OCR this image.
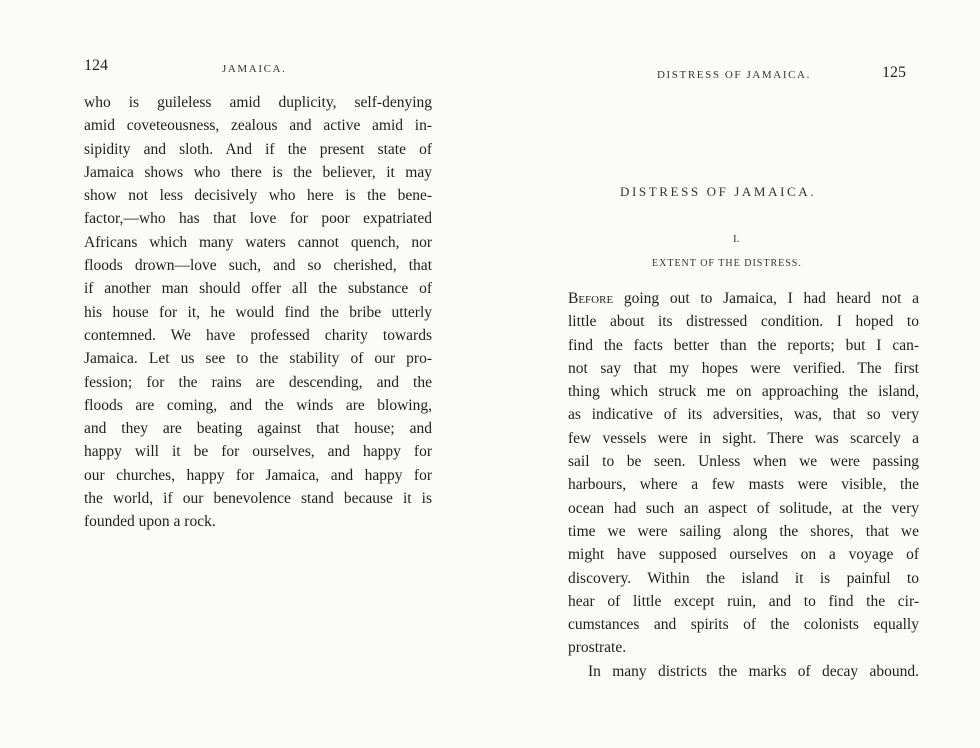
124	JAMAICA.
who is guileless amid duplicity, self-denying
amid coveteousness, zealous and active amid in-
sipidity and sloth. And if the present state of
Jamaica shows who there is the believer, it may
show not less decisively who here is the bene-
factor,—who has that love for poor expatriated
Africans which many waters cannot quench, nor
floods drown—love such, and so cherished, that
if another man should offer all the substance of
his house for it, he would find the bribe utterly
contemned. We have professed charity towards
Jamaica. Let us see to the stability of our pro-
fession; for the rains are descending, and the
floods are coming, and the winds are blowing,
and they are beating against that house; and
happy will it be for ourselves, and happy for
our churches, happy for Jamaica, and happy for
the world, if our benevolence stand because it is
founded upon a rock.
DISTRESS OF JAMAICA.	125
DISTRESS OF JAMAICA.
I.
EXTENT OF THE DISTRESS.
Before going out to Jamaica, I had heard not a
little about its distressed condition. I hoped to
find the facts better than the reports; but I can-
not say that my hopes were verified. The first
thing which struck me on approaching the island,
as indicative of its adversities, was, that so very
few vessels were in sight. There was scarcely a
sail to be seen. Unless when we were passing
harbours, where a few masts were visible, the
ocean had such an aspect of solitude, at the very
time we were sailing along the shores, that we
might have supposed ourselves on a voyage of
discovery. Within the island it is painful to
hear of little except ruin, and to find the cir-
cumstances and spirits of the colonists equally
prostrate.
In many districts the marks of decay abound.
